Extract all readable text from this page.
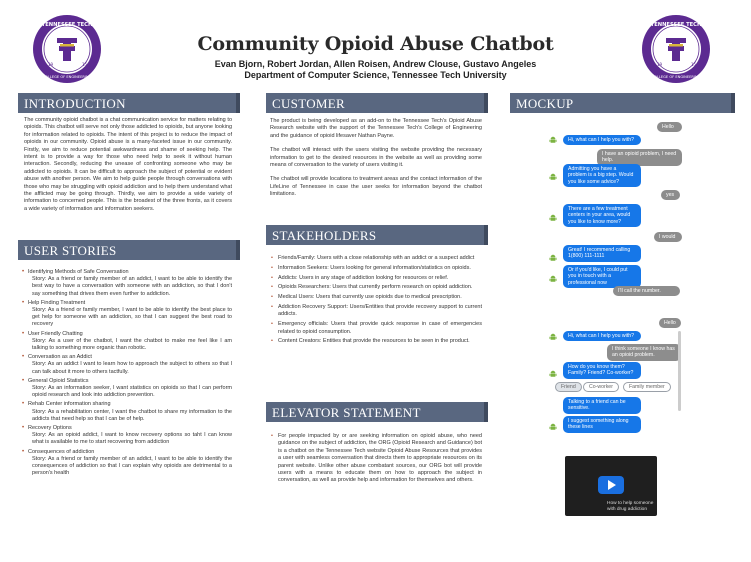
TENNESSEE TECH
COLLEGE OF ENGINEERING
19	15
TENNESSEE TECH
COLLEGE OF ENGINEERING
19	15
Community Opioid Abuse Chatbot
Evan Bjorn, Robert Jordan, Allen Roisen, Andrew Clouse, Gustavo Angeles
Department of Computer Science, Tennessee Tech University
INTRODUCTION

The community opioid chatbot is a chat communication service for matters relating to opioids. This chatbot will serve not only those addicted to opioids, but anyone looking for information related to opioids. The intent of this project is to reduce the impact of opioids in our community. Opioid abuse is a many-faceted issue in our community. Firstly, we aim to reduce potential awkwardness and shame of seeking help. The intent is to provide a way for those who need help to seek it without human interaction. Secondly, reducing the unease of confronting someone who may be addicted to opioids. It can be difficult to approach the subject of potential or evident abuse with another person. We aim to help guide people through conversations with those who may be struggling with opioid addiction and to help them understand what the afflicted may be going through. Thirdly, we aim to provide a wide variety of information to concerned people. This is the broadest of the three fronts, as it covers a wide variety of information and information seekers.

USER STORIES
• Identifying Methods of Safe Conversation
Story: As a friend or family member of an addict, I want to be able to identify the best way to have a conversation with someone with an addiction, so that I don't say something that drives them even further to addiction.
• Help Finding Treatment
Story: As a friend or family member, I want to be able to identify the best place to get help for someone with an addiction, so that I can suggest the best road to recovery
• User Friendly Chatting
Story: As a user of the chatbot, I want the chatbot to make me feel like I am talking to something more organic than robotic.
• Conversation as an Addict
Story: As an addict I want to learn how to approach the subject to others so that I can talk about it more to others tactfully.
• General Opioid Statistics
Story: As an information seeker, I want statistics on opioids so that I can perform opioid research and look into addiction prevention.
• Rehab Center information sharing
Story: As a rehabilitation center, I want the chatbot to share my information to the addicts that need help so that I can be of help.
• Recovery Options
Story: As an opioid addict, I want to know recovery options so taht I can know what is available to me to start recovering from addiction
• Consequences of addiction
Story: As a friend or family member of an addict, I want to be able to identify the consequences of addiction so that I can explain why opioids are detrimental to a person's health
CUSTOMER

The product is being developed as an add-on to the Tennessee Tech's Opioid Abuse Research website with the support of the Tennessee Tech's College of Engineering and the guidance of opioid lifesaver Nathan Payne.

The chatbot will interact with the users visiting the website providing the necessary information to get to the desired resources in the website as well as providing some means of conversation to the variety of users visiting it.

The chatbot will provide locations to treatment areas and the contact information of the LifeLine of Tennessee in case the user seeks for information beyond the chatbot limitations.

STAKEHOLDERS
• Friends/Family: Users with a close relationship with an addict or a suspect addict
• Information Seekers: Users looking for general information/statistics on opioids.
• Addicts: Users in any stage of addiction looking for resources or relief.
• Opioids Researchers: Users that currently perform research on opioid addiction.
• Medical Users: Users that currently use opioids due to medical prescription.
• Addiction Recovery Support: Users/Entities that provide recovery support to current addicts.
• Emergency officials: Users that provide quick response in case of emergencies related to opioid consumption.
• Content Creators: Entities that provide the resources to be seen in the product.
ELEVATOR STATEMENT
• For people impacted by or are seeking information on opioid abuse, who need guidance on the subject of addiction, the ORG (Opioid Research and Guidance) bot is a chatbot on the Tennessee Tech website Opioid Abuse Resources that provides a user with seamless conversation that directs them to appropriate resources on its parent website. Unlike other abuse combatant sources, our ORG bot will provide users with a means to educate them on how to approach the subject in conversation, as well as provide help and information for themselves and others.
MOCKUP
Hello
Hi, what can I help you with?
I have an opioid problem, I need help.
Admitting you have a problem is a big step. Would you like some advice?
yes
There are a few treatment centers in your area, would you like to know more?
I would
Great! I recommend calling 1(800) 111-1111
Or if you'd like, I could put you in touch with a professional now
I'll call the number.
Hello
Hi, what can I help you with?
I think someone I know has an opioid problem.
How do you know them? Family? Friend? Co-worker?
Talking to a friend can be sensitive.
I suggest something along these lines
Friend	Co-worker	Family member
How to help someone with drug addiction
